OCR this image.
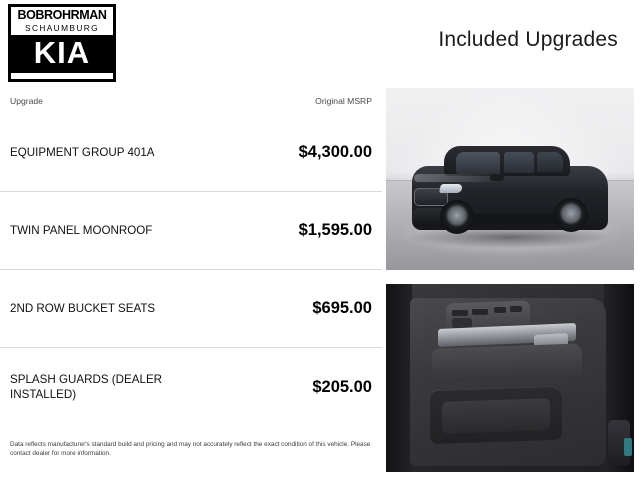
BOBROHRMAN
SCHAUMBURG
KIA	Included Upgrades
Upgrade	Original MSRP
EQUIPMENT GROUP 401A	$4,300.00
TWIN PANEL MOONROOF	$1,595.00
2ND ROW BUCKET SEATS	$695.00
SPLASH GUARDS (DEALER INSTALLED)	$205.00
Data reflects manufacturer's standard build and pricing and may not accurately reflect the exact condition of this vehicle. Please contact dealer for more information.
